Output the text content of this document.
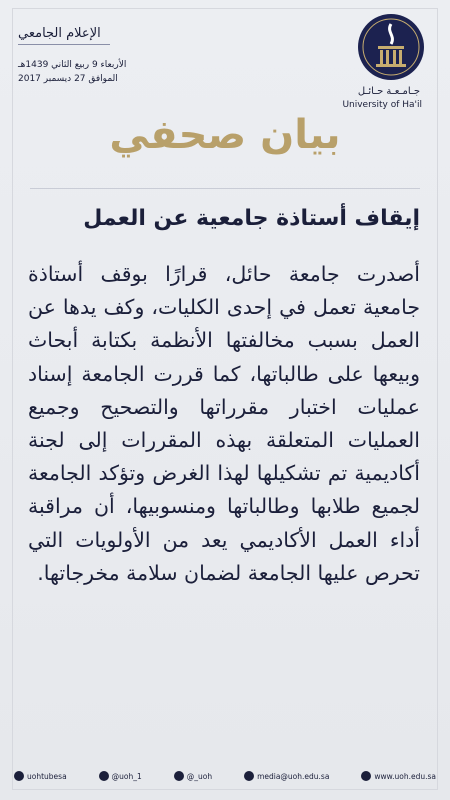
الإعلام الجامعي
الأربعاء 9 ربيع الثاني 1439هـ
الموافق 27 ديسمبر 2017
جـامـعـة حـائـل
University of Ha'il
بيان صحفي
إيقاف أستاذة جامعية عن العمل
أصدرت جامعة حائل، قرارًا بوقف أستاذة جامعية تعمل في إحدى الكليات، وكف يدها عن العمل بسبب مخالفتها الأنظمة بكتابة أبحاث وبيعها على طالباتها، كما قررت الجامعة إسناد عمليات اختبار مقرراتها والتصحيح وجميع العمليات المتعلقة بهذه المقررات إلى لجنة أكاديمية تم تشكيلها لهذا الغرض وتؤكد الجامعة لجميع طلابها وطالباتها ومنسوبيها، أن مراقبة أداء العمل الأكاديمي يعد من الأولويات التي تحرص عليها الجامعة لضمان سلامة مخرجاتها.
www.uoh.edu.sa
media@uoh.edu.sa
@_uoh
@uoh_1
uohtubesa
